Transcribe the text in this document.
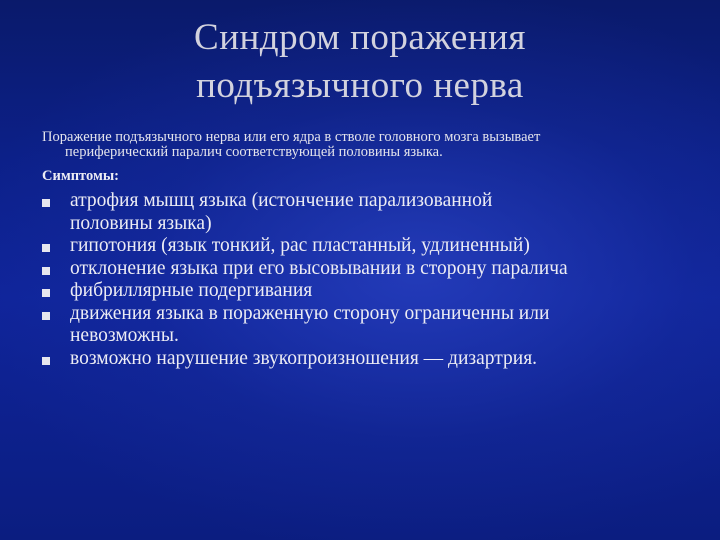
Синдром поражения
подъязычного нерва
Поражение подъязычного нерва или его ядра в стволе головного мозга вызывает
периферический паралич соответствующей половины языка.
Симптомы:
атрофия мышц языка (истончение парализованной
половины языка)
гипотония (язык тонкий, рас пластанный, удлиненный)
отклонение языка при его высовывании в сторону паралича
фибриллярные подергивания
движения языка в пораженную сторону ограниченны или
невозможны.
возможно нарушение звукопроизношения — дизартрия.
